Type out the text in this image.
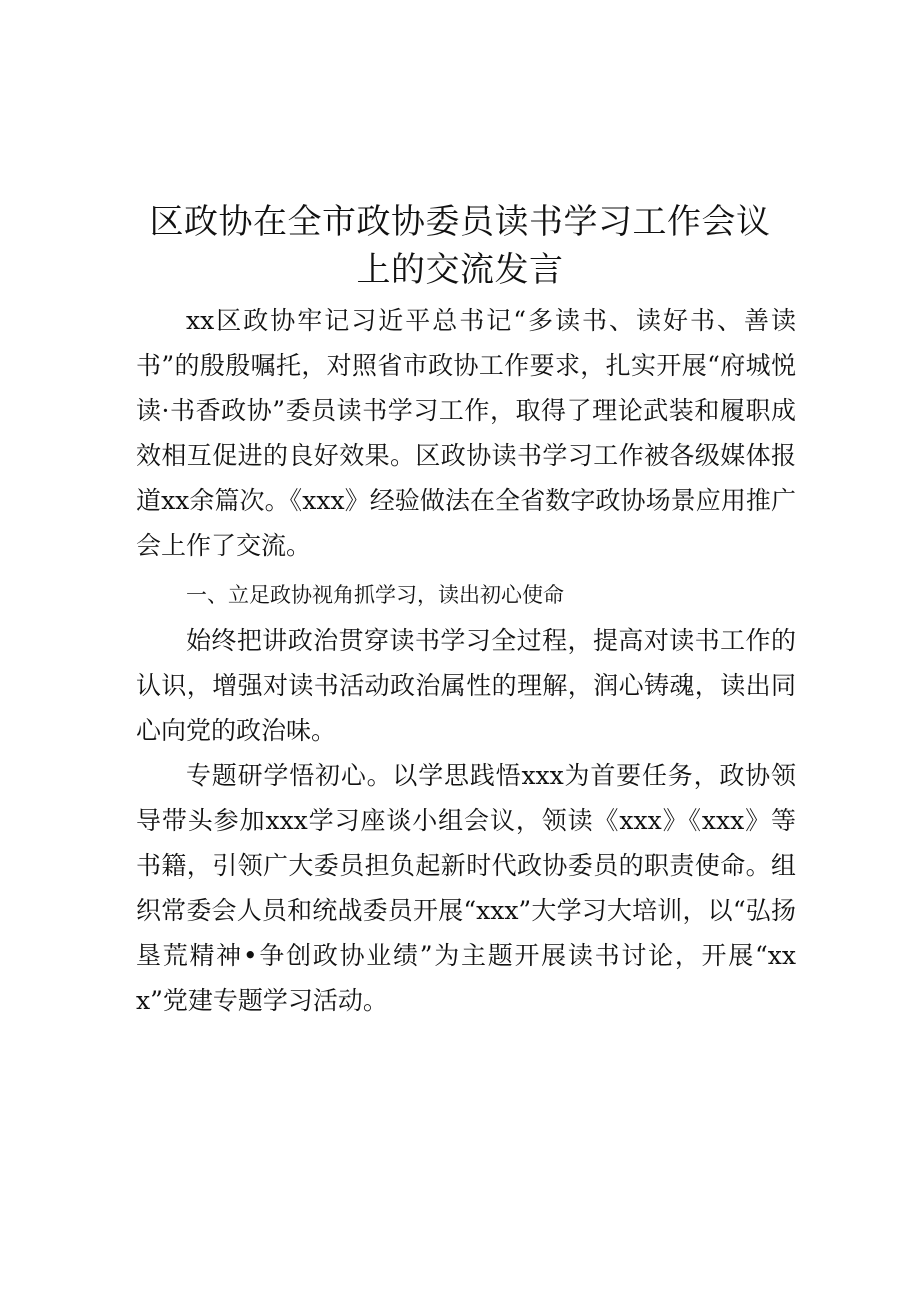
区政协在全市政协委员读书学习工作会议
上的交流发言

xx区政协牢记习近平总书记“多读书、读好书、善读书”的殷殷嘱托，对照省市政协工作要求，扎实开展“府城悦读·书香政协”委员读书学习工作，取得了理论武装和履职成效相互促进的良好效果。区政协读书学习工作被各级媒体报道xx余篇次。《xxx》经验做法在全省数字政协场景应用推广会上作了交流。

一、立足政协视角抓学习，读出初心使命

始终把讲政治贯穿读书学习全过程，提高对读书工作的认识，增强对读书活动政治属性的理解，润心铸魂，读出同心向党的政治味。

专题研学悟初心。以学思践悟xxx为首要任务，政协领导带头参加xxx学习座谈小组会议，领读《xxx》《xxx》等书籍，引领广大委员担负起新时代政协委员的职责使命。组织常委会人员和统战委员开展“xxx”大学习大培训，以“弘扬垦荒精神•争创政协业绩”为主题开展读书讨论，开展“xxx”党建专题学习活动。
